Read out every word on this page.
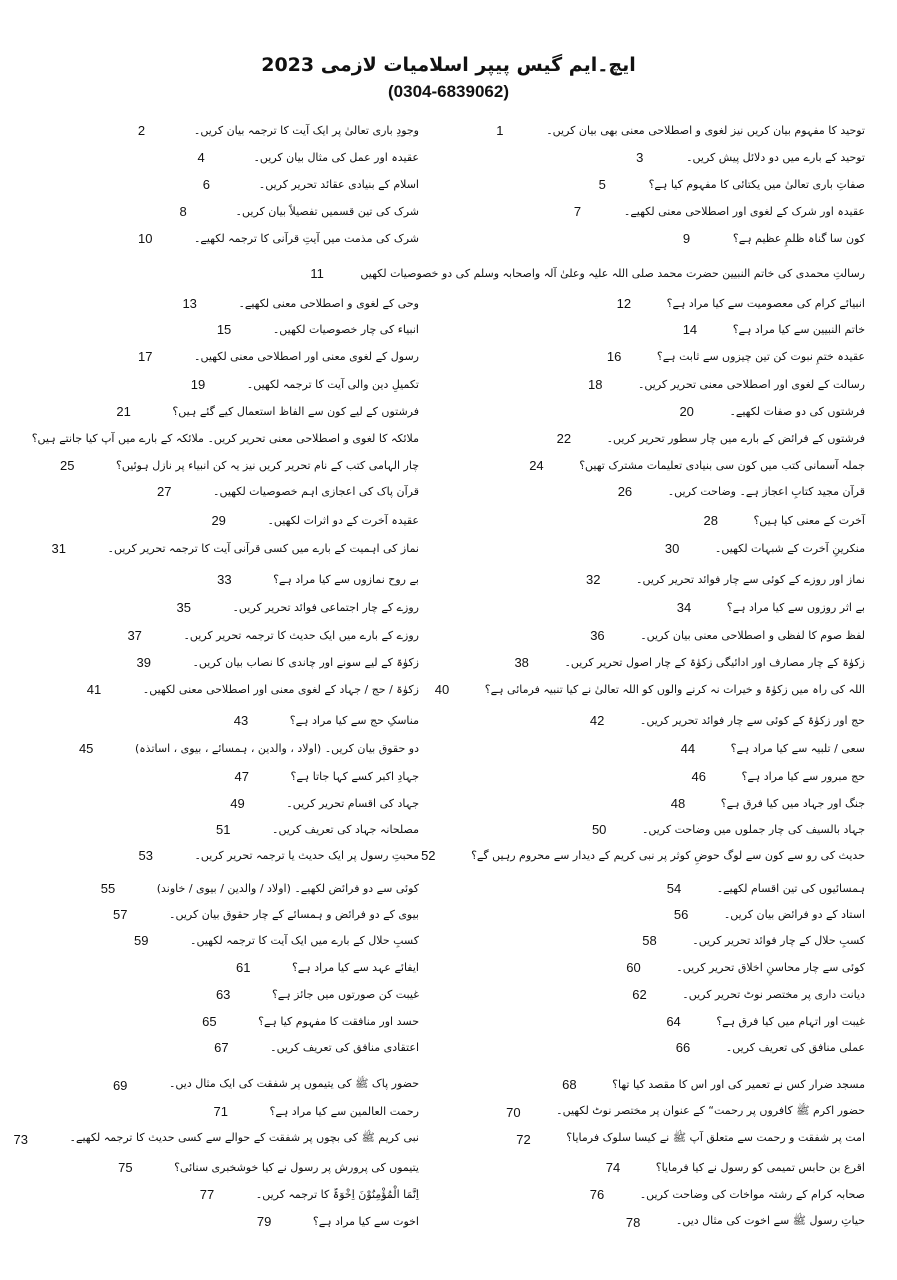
ایچ۔ایم گیس پیپر اسلامیات لازمی 2023
(0304-6839062)
توحید کا مفہوم بیان کریں نیز لغوی و اصطلاحی معنی بھی بیان کریں۔
1
وجودِ باری تعالیٰ پر ایک آیت کا ترجمہ بیان کریں۔
2
توحید کے بارے میں دو دلائل پیش کریں۔
3
عقیدہ اور عمل کی مثال بیان کریں۔
4
صفاتِ باری تعالیٰ میں یکتائی کا مفہوم کیا ہے؟
5
اسلام کے بنیادی عقائد تحریر کریں۔
6
عقیدہ اور شرک کے لغوی اور اصطلاحی معنی لکھیے۔
7
شرک کی تین قسمیں تفصیلاً بیان کریں۔
8
کون سا گناہ ظلمِ عظیم ہے؟
9
شرک کی مذمت میں آیتِ قرآنی کا ترجمہ لکھیے۔
10
رسالتِ محمدی کی خاتم النبیین حضرت محمد صلی اللہ علیہ وعلیٰ آلہ واصحابہ وسلم کی دو خصوصیات لکھیں
11
انبیائے کرام کی معصومیت سے کیا مراد ہے؟
12
وحی کے لغوی و اصطلاحی معنی لکھیے۔
13
خاتم النبیین سے کیا مراد ہے؟
14
انبیاء کی چار خصوصیات لکھیں۔
15
عقیدہ ختمِ نبوت کن تین چیزوں سے ثابت ہے؟
16
رسول کے لغوی معنی اور اصطلاحی معنی لکھیں۔
17
رسالت کے لغوی اور اصطلاحی معنی تحریر کریں۔
18
تکمیلِ دین والی آیت کا ترجمہ لکھیں۔
19
فرشتوں کی دو صفات لکھیے۔
20
فرشتوں کے لیے کون سے الفاظ استعمال کیے گئے ہیں؟
21
فرشتوں کے فرائض کے بارے میں چار سطور تحریر کریں۔
22
ملائکہ کا لغوی و اصطلاحی معنی تحریر کریں۔ ملائکہ کے بارے میں آپ کیا جانتے ہیں؟
جملہ آسمانی کتب میں کون سی بنیادی تعلیمات مشترک تھیں؟
24
چار الہامی کتب کے نام تحریر کریں نیز یہ کن انبیاء پر نازل ہوئیں؟
25
قرآن مجید کتابِ اعجاز ہے۔ وضاحت کریں۔
26
قرآن پاک کی اعجازی اہم خصوصیات لکھیں۔
27
آخرت کے معنی کیا ہیں؟
28
عقیدہ آخرت کے دو اثرات لکھیں۔
29
منکرینِ آخرت کے شبہات لکھیں۔
30
نماز کی اہمیت کے بارے میں کسی قرآنی آیت کا ترجمہ تحریر کریں۔
31
نماز اور روزے کے کوئی سے چار فوائد تحریر کریں۔
32
بے روح نمازوں سے کیا مراد ہے؟
33
بے اثر روزوں سے کیا مراد ہے؟
34
روزے کے چار اجتماعی فوائد تحریر کریں۔
35
لفظ صوم کا لفظی و اصطلاحی معنی بیان کریں۔
36
روزے کے بارے میں ایک حدیث کا ترجمہ تحریر کریں۔
37
زکوٰۃ کے چار مصارف اور ادائیگی زکوٰۃ کے چار اصول تحریر کریں۔
38
زکوٰۃ کے لیے سونے اور چاندی کا نصاب بیان کریں۔
39
اللہ کی راہ میں زکوٰۃ و خیرات نہ کرنے والوں کو اللہ تعالیٰ نے کیا تنبیہ فرمائی ہے؟
40
زکوٰۃ / حج / جہاد کے لغوی معنی اور اصطلاحی معنی لکھیں۔
41
حج اور زکوٰۃ کے کوئی سے چار فوائد تحریر کریں۔
42
مناسکِ حج سے کیا مراد ہے؟
43
سعی / تلبیہ سے کیا مراد ہے؟
44
دو حقوق بیان کریں۔ (اولاد ، والدین ، ہمسائے ، بیوی ، اساتذہ)
45
حج مبرور سے کیا مراد ہے؟
46
جہادِ اکبر کسے کہا جاتا ہے؟
47
جنگ اور جہاد میں کیا فرق ہے؟
48
جہاد کی اقسام تحریر کریں۔
49
جہاد بالسیف کی چار جملوں میں وضاحت کریں۔
50
مصلحانہ جہاد کی تعریف کریں۔
51
حدیث کی رو سے کون سے لوگ حوضِ کوثر پر نبی کریم کے دیدار سے محروم رہیں گے؟
52
محبتِ رسول پر ایک حدیث یا ترجمہ تحریر کریں۔
53
ہمسائیوں کی تین اقسام لکھیے۔
54
کوئی سے دو فرائض لکھیے۔ (اولاد / والدین / بیوی / خاوند)
55
استاد کے دو فرائض بیان کریں۔
56
بیوی کے دو فرائض و ہمسائے کے چار حقوق بیان کریں۔
57
کسبِ حلال کے چار فوائد تحریر کریں۔
58
کسبِ حلال کے بارے میں ایک آیت کا ترجمہ لکھیں۔
59
کوئی سے چار محاسنِ اخلاق تحریر کریں۔
60
ایفائے عہد سے کیا مراد ہے؟
61
دیانت داری پر مختصر نوٹ تحریر کریں۔
62
غیبت کن صورتوں میں جائز ہے؟
63
غیبت اور اتہام میں کیا فرق ہے؟
64
حسد اور منافقت کا مفہوم کیا ہے؟
65
عملی منافق کی تعریف کریں۔
66
اعتقادی منافق کی تعریف کریں۔
67
مسجد ضرار کس نے تعمیر کی اور اس کا مقصد کیا تھا؟
68
حضور پاک ﷺ کی یتیموں پر شفقت کی ایک مثال دیں۔
69
حضور اکرم ﷺ کافروں پر رحمت“ کے عنوان پر مختصر نوٹ لکھیں۔
70
رحمت العالمین سے کیا مراد ہے؟
71
امت پر شفقت و رحمت سے متعلق آپ ﷺ نے کیسا سلوک فرمایا؟
72
نبی کریم ﷺ کی بچوں پر شفقت کے حوالے سے کسی حدیث کا ترجمہ لکھیے۔
73
اقرع بن حابس تمیمی کو رسول نے کیا فرمایا؟
74
یتیموں کی پرورش پر رسول نے کیا خوشخبری سنائی؟
75
صحابہ کرام کے رشتہ مواخات کی وضاحت کریں۔
76
اِنَّمَا الْمُؤْمِنُوْنَ اِخْوَۃٌ کا ترجمہ کریں۔
77
حیاتِ رسول ﷺ سے اخوت کی مثال دیں۔
78
اخوت سے کیا مراد ہے؟
79
